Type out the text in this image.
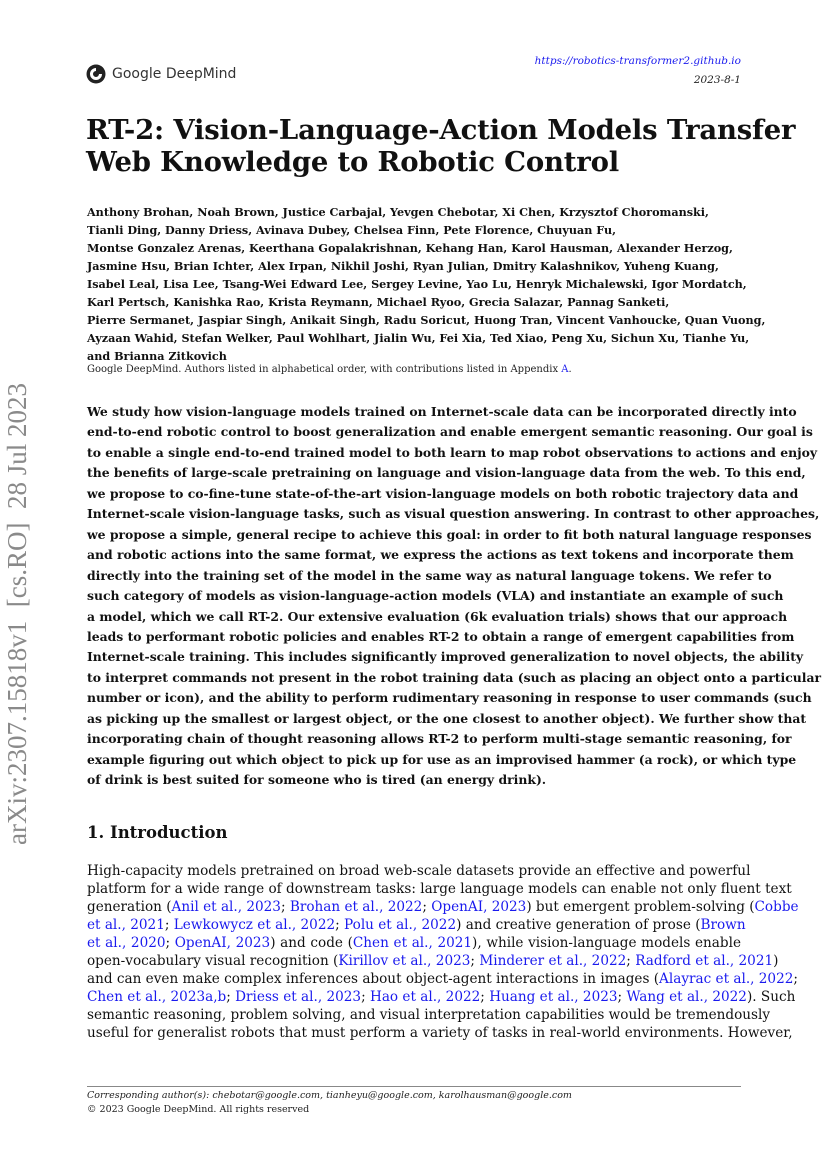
Google DeepMind
https://robotics-transformer2.github.io
2023-8-1
arXiv:2307.15818v1  [cs.RO]  28 Jul 2023
RT-2: Vision-Language-Action Models Transfer
Web Knowledge to Robotic Control
Anthony Brohan, Noah Brown, Justice Carbajal, Yevgen Chebotar, Xi Chen, Krzysztof Choromanski,
Tianli Ding, Danny Driess, Avinava Dubey, Chelsea Finn, Pete Florence, Chuyuan Fu,
Montse Gonzalez Arenas, Keerthana Gopalakrishnan, Kehang Han, Karol Hausman, Alexander Herzog,
Jasmine Hsu, Brian Ichter, Alex Irpan, Nikhil Joshi, Ryan Julian, Dmitry Kalashnikov, Yuheng Kuang,
Isabel Leal, Lisa Lee, Tsang-Wei Edward Lee, Sergey Levine, Yao Lu, Henryk Michalewski, Igor Mordatch,
Karl Pertsch, Kanishka Rao, Krista Reymann, Michael Ryoo, Grecia Salazar, Pannag Sanketi,
Pierre Sermanet, Jaspiar Singh, Anikait Singh, Radu Soricut, Huong Tran, Vincent Vanhoucke, Quan Vuong,
Ayzaan Wahid, Stefan Welker, Paul Wohlhart, Jialin Wu, Fei Xia, Ted Xiao, Peng Xu, Sichun Xu, Tianhe Yu,
and Brianna Zitkovich
Google DeepMind. Authors listed in alphabetical order, with contributions listed in Appendix A.
We study how vision-language models trained on Internet-scale data can be incorporated directly into
end-to-end robotic control to boost generalization and enable emergent semantic reasoning. Our goal is
to enable a single end-to-end trained model to both learn to map robot observations to actions and enjoy
the benefits of large-scale pretraining on language and vision-language data from the web. To this end,
we propose to co-fine-tune state-of-the-art vision-language models on both robotic trajectory data and
Internet-scale vision-language tasks, such as visual question answering. In contrast to other approaches,
we propose a simple, general recipe to achieve this goal: in order to fit both natural language responses
and robotic actions into the same format, we express the actions as text tokens and incorporate them
directly into the training set of the model in the same way as natural language tokens. We refer to
such category of models as vision-language-action models (VLA) and instantiate an example of such
a model, which we call RT-2. Our extensive evaluation (6k evaluation trials) shows that our approach
leads to performant robotic policies and enables RT-2 to obtain a range of emergent capabilities from
Internet-scale training. This includes significantly improved generalization to novel objects, the ability
to interpret commands not present in the robot training data (such as placing an object onto a particular
number or icon), and the ability to perform rudimentary reasoning in response to user commands (such
as picking up the smallest or largest object, or the one closest to another object). We further show that
incorporating chain of thought reasoning allows RT-2 to perform multi-stage semantic reasoning, for
example figuring out which object to pick up for use as an improvised hammer (a rock), or which type
of drink is best suited for someone who is tired (an energy drink).
1. Introduction
High-capacity models pretrained on broad web-scale datasets provide an effective and powerful
platform for a wide range of downstream tasks: large language models can enable not only fluent text
generation (Anil et al., 2023; Brohan et al., 2022; OpenAI, 2023) but emergent problem-solving (Cobbe
et al., 2021; Lewkowycz et al., 2022; Polu et al., 2022) and creative generation of prose (Brown
et al., 2020; OpenAI, 2023) and code (Chen et al., 2021), while vision-language models enable
open-vocabulary visual recognition (Kirillov et al., 2023; Minderer et al., 2022; Radford et al., 2021)
and can even make complex inferences about object-agent interactions in images (Alayrac et al., 2022;
Chen et al., 2023a,b; Driess et al., 2023; Hao et al., 2022; Huang et al., 2023; Wang et al., 2022). Such
semantic reasoning, problem solving, and visual interpretation capabilities would be tremendously
useful for generalist robots that must perform a variety of tasks in real-world environments. However,
Corresponding author(s): chebotar@google.com, tianheyu@google.com, karolhausman@google.com
© 2023 Google DeepMind. All rights reserved
